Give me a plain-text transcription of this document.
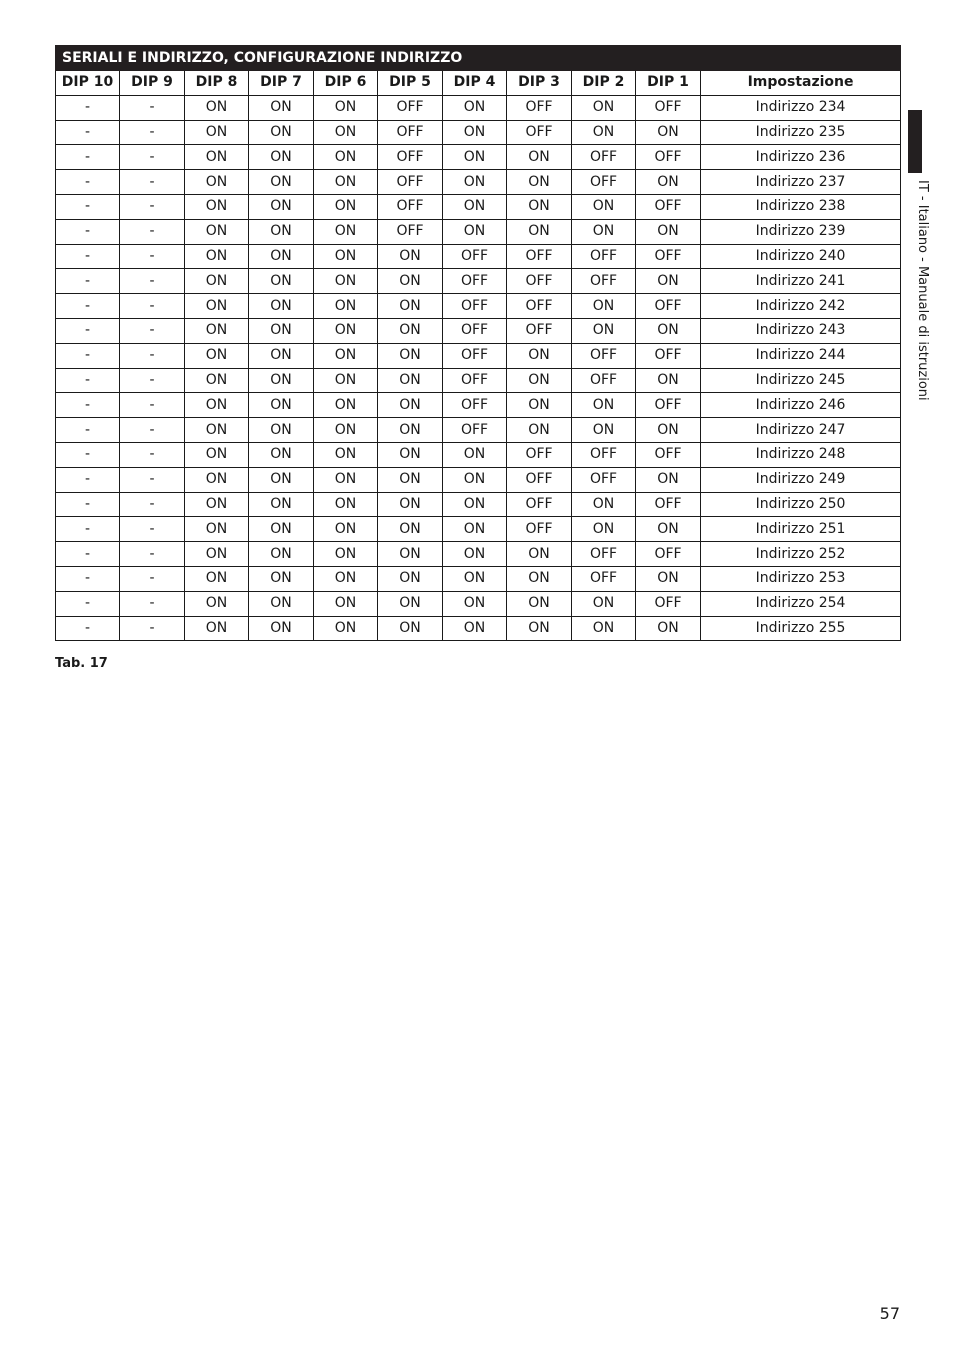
SERIALI E INDIRIZZO, CONFIGURAZIONE INDIRIZZO										
DIP 10	DIP 9	DIP 8	DIP 7	DIP 6	DIP 5	DIP 4	DIP 3	DIP 2	DIP 1	Impostazione
-	-	ON	ON	ON	OFF	ON	OFF	ON	OFF	Indirizzo 234
-	-	ON	ON	ON	OFF	ON	OFF	ON	ON	Indirizzo 235
-	-	ON	ON	ON	OFF	ON	ON	OFF	OFF	Indirizzo 236
-	-	ON	ON	ON	OFF	ON	ON	OFF	ON	Indirizzo 237
-	-	ON	ON	ON	OFF	ON	ON	ON	OFF	Indirizzo 238
-	-	ON	ON	ON	OFF	ON	ON	ON	ON	Indirizzo 239
-	-	ON	ON	ON	ON	OFF	OFF	OFF	OFF	Indirizzo 240
-	-	ON	ON	ON	ON	OFF	OFF	OFF	ON	Indirizzo 241
-	-	ON	ON	ON	ON	OFF	OFF	ON	OFF	Indirizzo 242
-	-	ON	ON	ON	ON	OFF	OFF	ON	ON	Indirizzo 243
-	-	ON	ON	ON	ON	OFF	ON	OFF	OFF	Indirizzo 244
-	-	ON	ON	ON	ON	OFF	ON	OFF	ON	Indirizzo 245
-	-	ON	ON	ON	ON	OFF	ON	ON	OFF	Indirizzo 246
-	-	ON	ON	ON	ON	OFF	ON	ON	ON	Indirizzo 247
-	-	ON	ON	ON	ON	ON	OFF	OFF	OFF	Indirizzo 248
-	-	ON	ON	ON	ON	ON	OFF	OFF	ON	Indirizzo 249
-	-	ON	ON	ON	ON	ON	OFF	ON	OFF	Indirizzo 250
-	-	ON	ON	ON	ON	ON	OFF	ON	ON	Indirizzo 251
-	-	ON	ON	ON	ON	ON	ON	OFF	OFF	Indirizzo 252
-	-	ON	ON	ON	ON	ON	ON	OFF	ON	Indirizzo 253
-	-	ON	ON	ON	ON	ON	ON	ON	OFF	Indirizzo 254
-	-	ON	ON	ON	ON	ON	ON	ON	ON	Indirizzo 255
Tab. 17
IT - Italiano - Manuale di istruzioni
57
